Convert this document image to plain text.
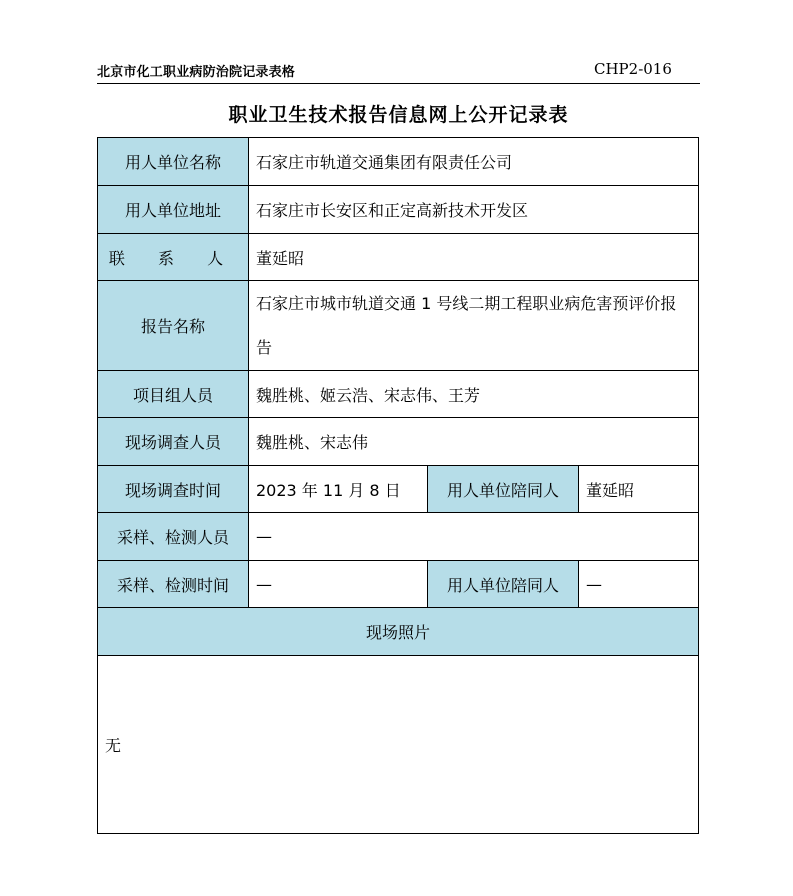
北京市化工职业病防治院记录表格	CHP2-016
职业卫生技术报告信息网上公开记录表
用人单位名称	石家庄市轨道交通集团有限责任公司		
用人单位地址	石家庄市长安区和正定高新技术开发区		
联 系 人	董延昭		
报告名称	石家庄市城市轨道交通 1 号线二期工程职业病危害预评价报告		
项目组人员	魏胜桃、姬云浩、宋志伟、王芳		
现场调查人员	魏胜桃、宋志伟		
现场调查时间	2023 年 11 月 8 日	用人单位陪同人	董延昭
采样、检测人员	—		
采样、检测时间	—	用人单位陪同人	—
现场照片			
无			
